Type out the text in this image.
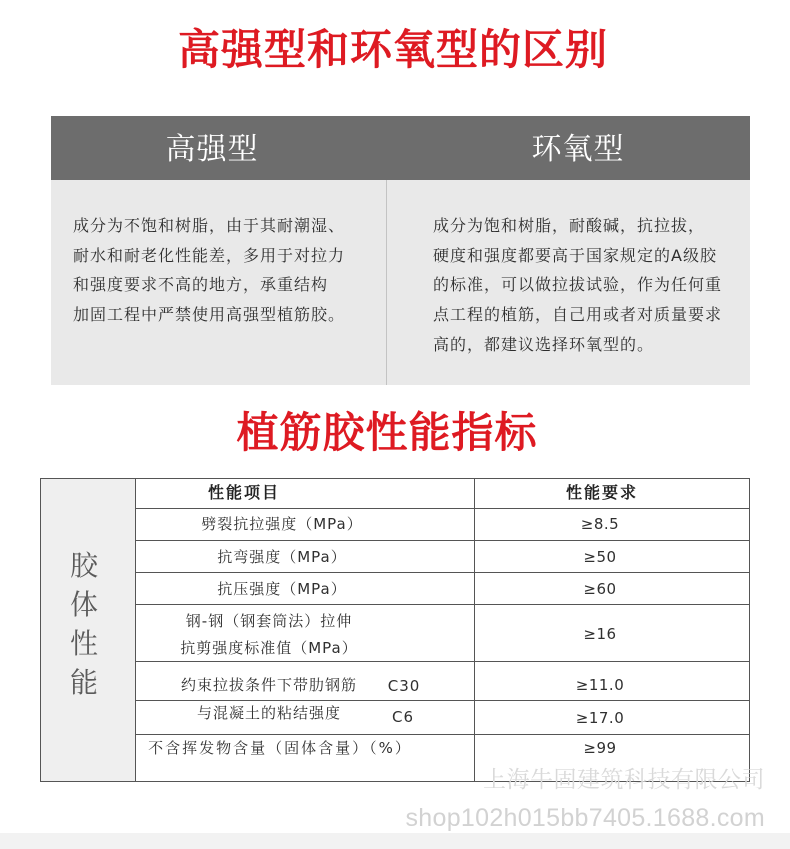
高强型和环氧型的区别
高强型	环氧型
成分为不饱和树脂，由于其耐潮湿、
耐水和耐老化性能差，多用于对拉力
和强度要求不高的地方，承重结构
加固工程中严禁使用高强型植筋胶。
成分为饱和树脂，耐酸碱，抗拉拔，
硬度和强度都要高于国家规定的A级胶
的标准，可以做拉拔试验，作为任何重
点工程的植筋，自己用或者对质量要求
高的，都建议选择环氧型的。
植筋胶性能指标
胶
体
性
能
性能项目	性能要求
劈裂抗拉强度（MPa）	≥8.5
抗弯强度（MPa）	≥50
抗压强度（MPa）	≥60
钢-钢（钢套筒法）拉伸
抗剪强度标准值（MPa）
≥16
约束拉拔条件下带肋钢筋	C30	≥11.0
与混凝土的粘结强度	C6	≥17.0
不含挥发物含量（固体含量）（%）	≥99
上海牛固建筑科技有限公司
shop102h015bb7405.1688.com
